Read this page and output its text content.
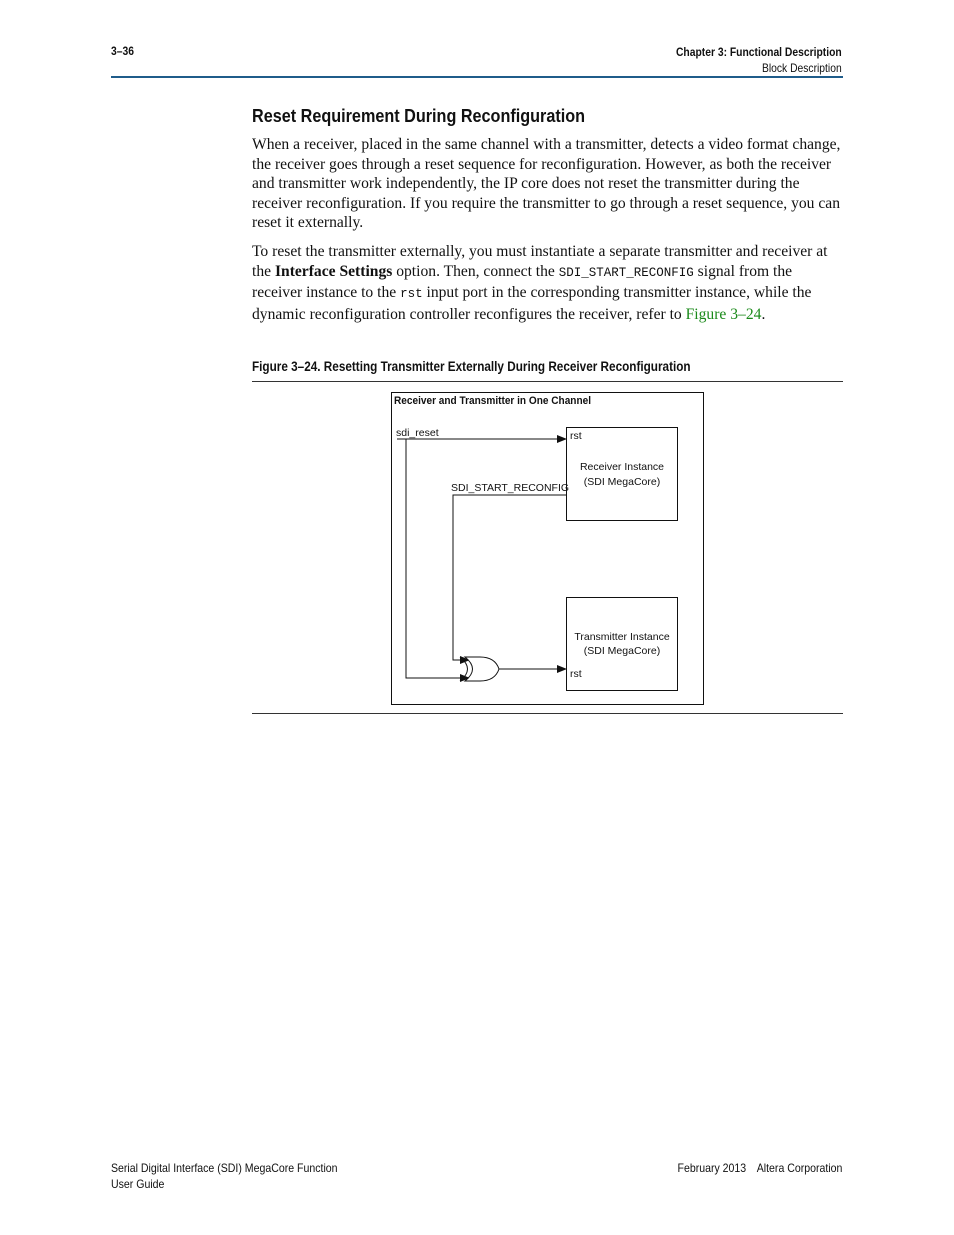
3–36	Chapter 3: Functional Description
Block Description
Reset Requirement During Reconfiguration

When a receiver, placed in the same channel with a transmitter, detects a video format change, the receiver goes through a reset sequence for reconfiguration. However, as both the receiver and transmitter work independently, the IP core does not reset the transmitter during the receiver reconfiguration. If you require the transmitter to go through a reset sequence, you can reset it externally.

To reset the transmitter externally, you must instantiate a separate transmitter and receiver at the Interface Settings option. Then, connect the SDI_START_RECONFIG signal from the receiver instance to the rst input port in the corresponding transmitter instance, while the dynamic reconfiguration controller reconfigures the receiver, refer to Figure 3–24.

Figure 3–24. Resetting Transmitter Externally During Receiver Reconfiguration
Receiver and Transmitter in One Channel
rst
Receiver Instance
(SDI MegaCore)
Transmitter Instance
(SDI MegaCore)
rst
sdi_reset
SDI_START_RECONFIG
Serial Digital Interface (SDI) MegaCore Function
User Guide
February 2013 Altera Corporation
